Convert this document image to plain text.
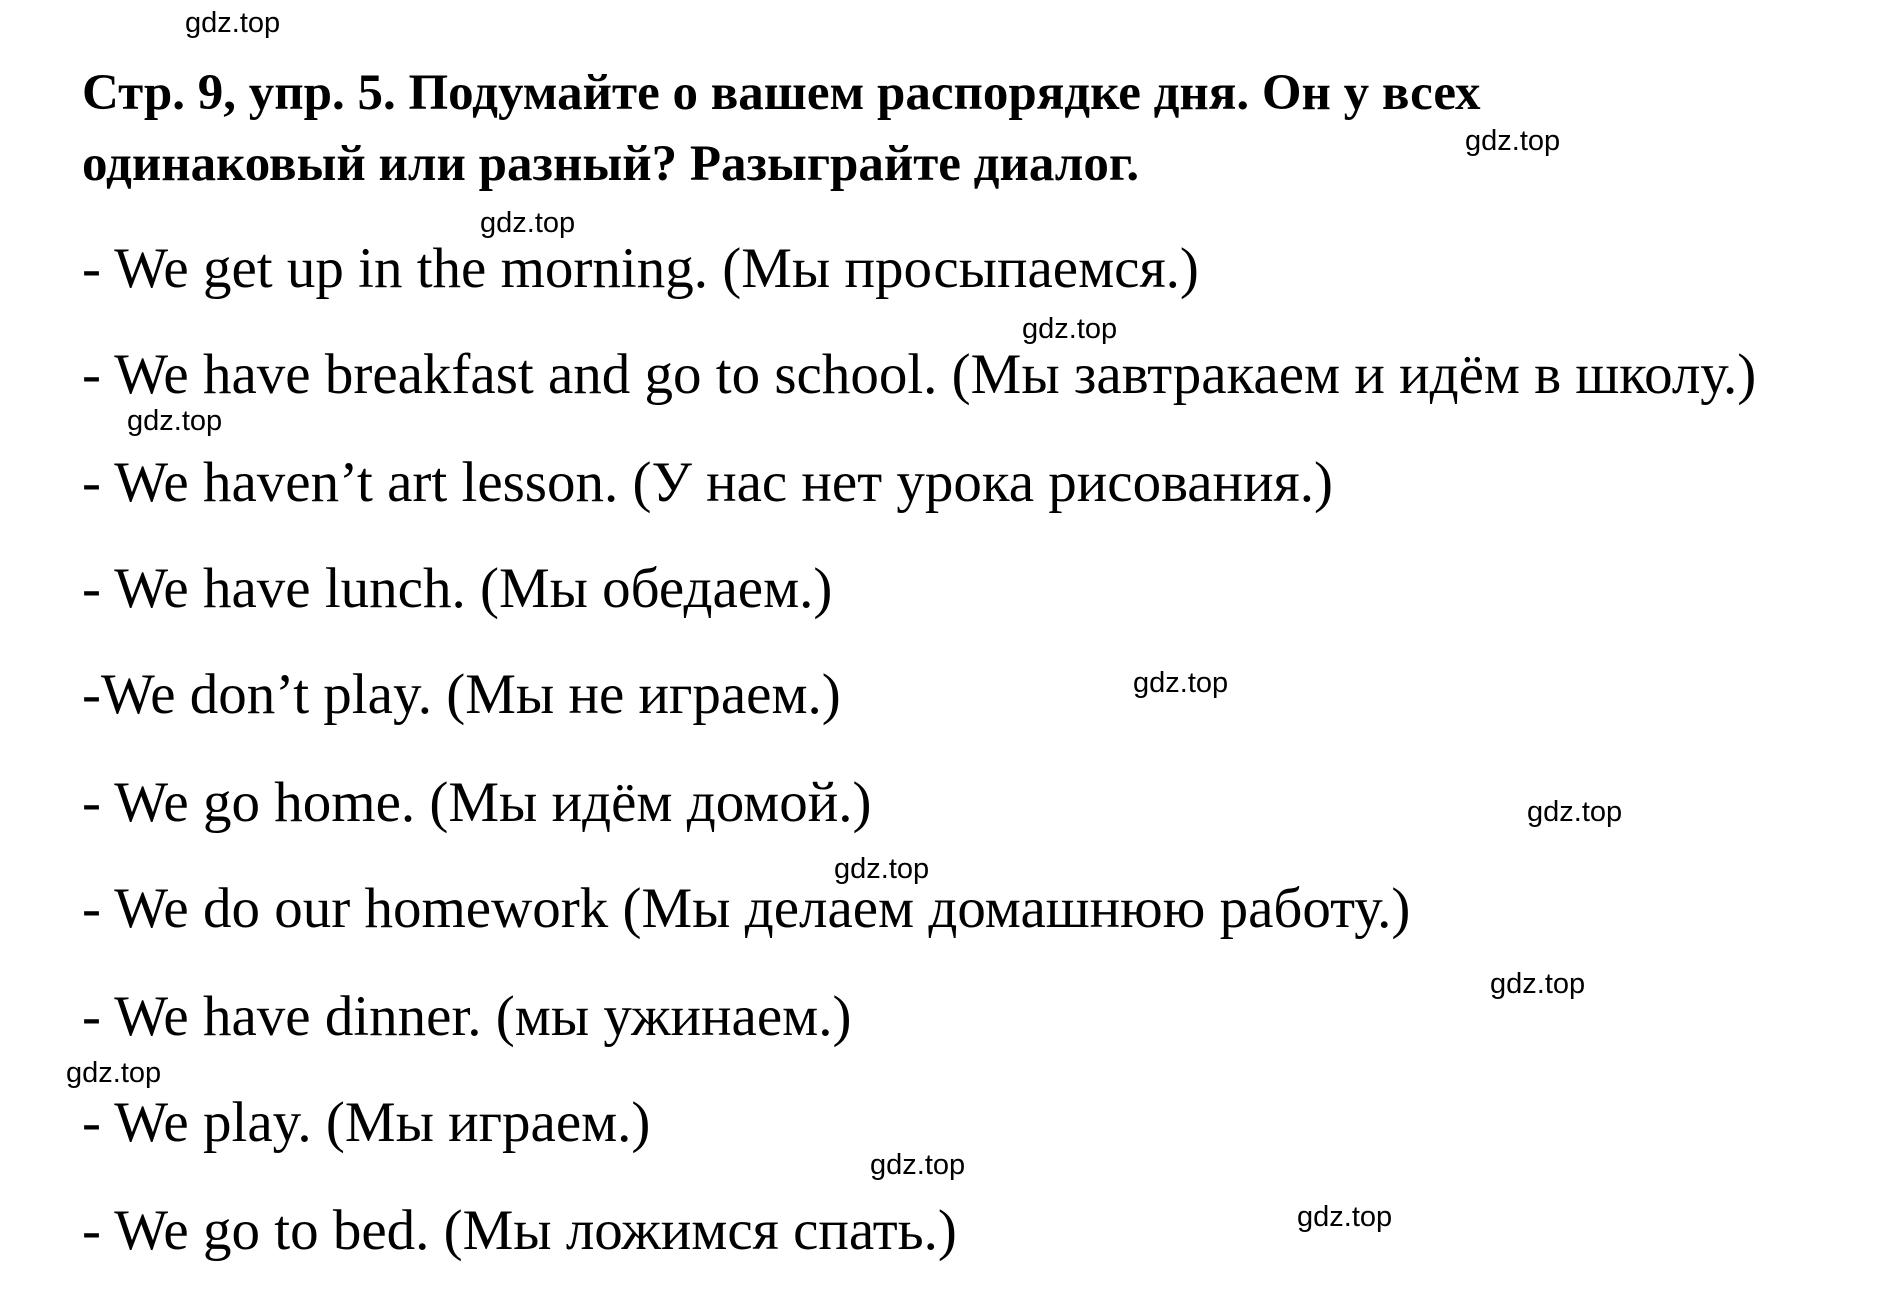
Стр. 9, упр. 5. Подумайте о вашем распорядке дня. Он у всех одинаковый или разный? Разыграйте диалог.

- We get up in the morning. (Мы просыпаемся.)

- We have breakfast and go to school. (Мы завтракаем и идём в школу.)

- We haven’t art lesson. (У нас нет урока рисования.)

- We have lunch. (Мы обедаем.)

-We don’t play. (Мы не играем.)

- We go home. (Мы идём домой.)

- We do our homework (Мы делаем домашнюю работу.)

- We have dinner. (мы ужинаем.)

- We play. (Мы играем.)

- We go to bed. (Мы ложимся спать.)

gdz.top
gdz.top
gdz.top
gdz.top
gdz.top
gdz.top
gdz.top
gdz.top
gdz.top
gdz.top
gdz.top
gdz.top
